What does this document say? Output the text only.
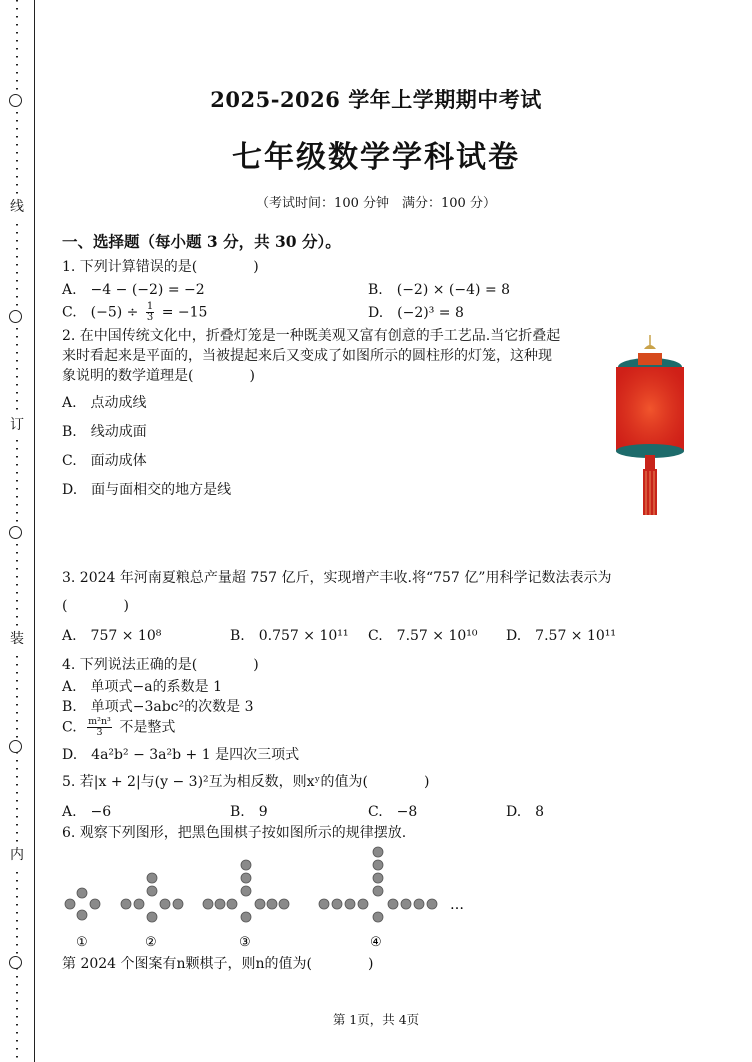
线
订
装
内
2025-2026 学年上学期期中考试
七年级数学学科试卷
（考试时间：100 分钟　满分：100 分）
一、选择题（每小题 3 分，共 30 分）。
1. 下列计算错误的是(　　　　)
A.　−4 − (−2) = −2	B.　(−2) × (−4) = 8
C.　$(-5) \div \frac{1}{3} = -15$	D.　(−2)³ = 8
2. 在中国传统文化中，折叠灯笼是一种既美观又富有创意的手工艺品.当它折叠起
来时看起来是平面的，当被提起来后又变成了如图所示的圆柱形的灯笼，这种现
象说明的数学道理是(　　　　)
A.　点动成线
B.　线动成面
C.　面动成体
D.　面与面相交的地方是线
3. 2024 年河南夏粮总产量超 757 亿斤，实现增产丰收.将“757 亿”用科学记数法表示为
(　　　　)
A.　757 × 10⁸	B.　0.757 × 10¹¹ C.　7.57 × 10¹⁰ D.　7.57 × 10¹¹
4. 下列说法正确的是(　　　　)
A.　单项式−a的系数是 1
B.　单项式−3abc²的次数是 3
C. $\frac{\text{m²n³}}{3}$ 不是整式
D.　4a²b² − 3a²b + 1 是四次三项式
5. 若|x + 2|与(y − 3)²互为相反数，则xʸ的值为(　　　　)
A.　−6	B.　9	C.　−8	D.　8
6. 观察下列图形，把黑色围棋子按如图所示的规律摆放.
…
①	②	③	④
第 2024 个图案有n颗棋子，则n的值为(　　　　)
第 1页，共 4页
